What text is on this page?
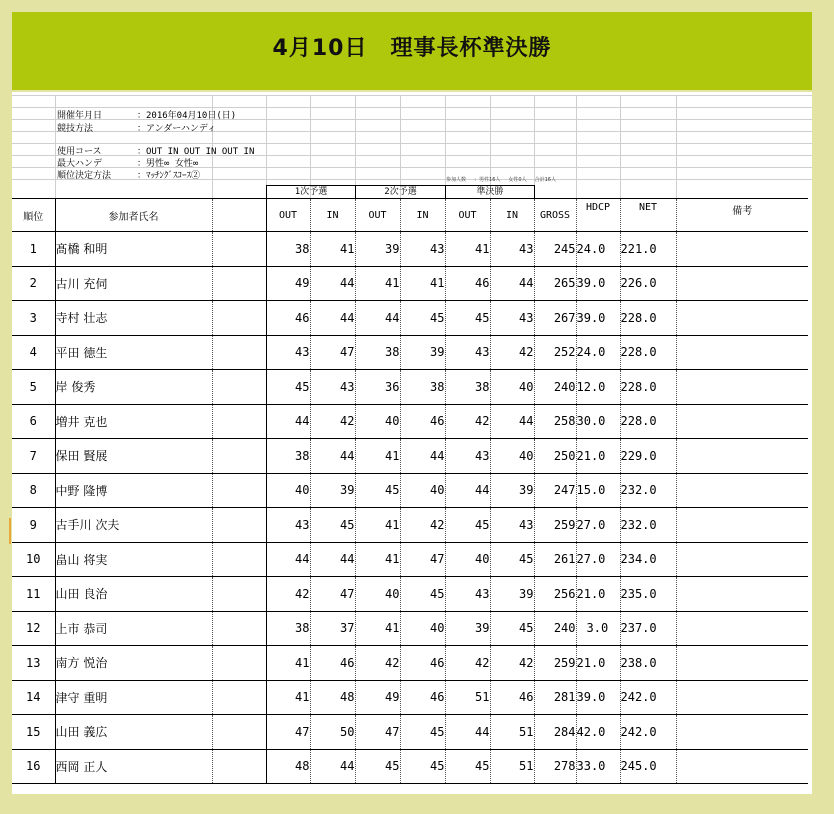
4月10日　理事長杯準決勝
開催年月日	：2016年04月10日(日)
競技方法	：アンダーハンディ
使用コース	：OUT IN OUT IN OUT IN
最大ハンデ	：男性∞ 女性∞
順位決定方法	：ﾏｯﾁﾝｸﾞｽｺｰｽ②	参加人数 ：男性16人 女性0人 合計16人
1次予選	2次予選	準決勝
順位	参加者氏名		OUT	IN	OUT	IN	OUT	IN	GROSS	HDCP	NET	備考
1	髙橋 和明		38	41	39	43	41	43	245	24.0	221.0	
2	古川 充伺		49	44	41	41	46	44	265	39.0	226.0	
3	寺村 壮志		46	44	44	45	45	43	267	39.0	228.0	
4	平田 徳生		43	47	38	39	43	42	252	24.0	228.0	
5	岸 俊秀		45	43	36	38	38	40	240	12.0	228.0	
6	増井 克也		44	42	40	46	42	44	258	30.0	228.0	
7	保田 賢展		38	44	41	44	43	40	250	21.0	229.0	
8	中野 隆博		40	39	45	40	44	39	247	15.0	232.0	
9	古手川 次夫		43	45	41	42	45	43	259	27.0	232.0	
10	畠山 将実		44	44	41	47	40	45	261	27.0	234.0	
11	山田 良治		42	47	40	45	43	39	256	21.0	235.0	
12	上市 恭司		38	37	41	40	39	45	240	3.0	237.0	
13	南方 悦治		41	46	42	46	42	42	259	21.0	238.0	
14	津守 重明		41	48	49	46	51	46	281	39.0	242.0	
15	山田 義広		47	50	47	45	44	51	284	42.0	242.0	
16	西岡 正人		48	44	45	45	45	51	278	33.0	245.0	
